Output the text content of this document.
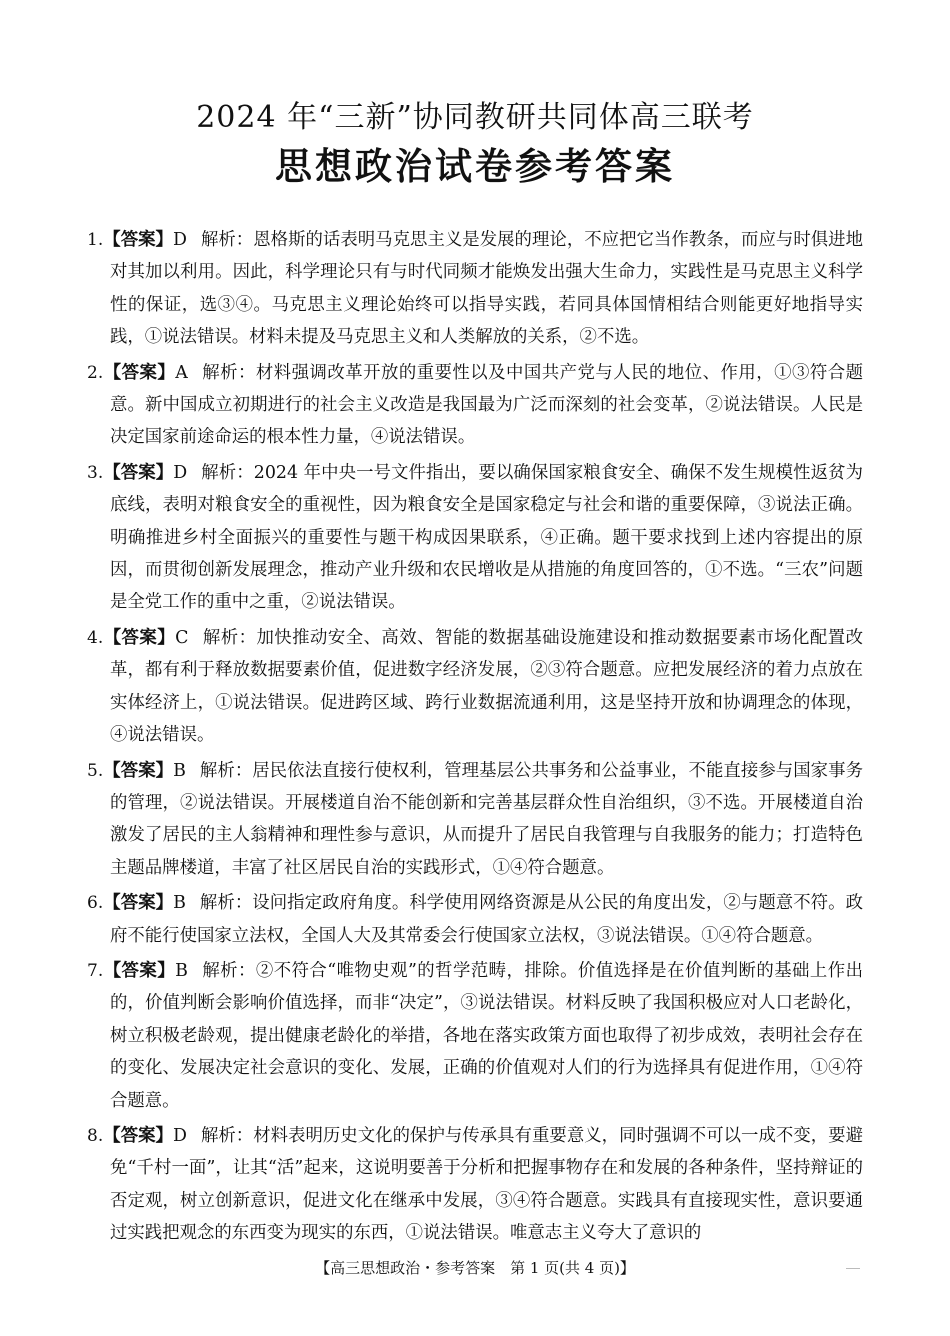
2024 年“三新”协同教研共同体高三联考
思想政治试卷参考答案
1.【答案】D 解析：恩格斯的话表明马克思主义是发展的理论，不应把它当作教条，而应与时俱进地对其加以利用。因此，科学理论只有与时代同频才能焕发出强大生命力，实践性是马克思主义科学性的保证，选③④。马克思主义理论始终可以指导实践，若同具体国情相结合则能更好地指导实践，①说法错误。材料未提及马克思主义和人类解放的关系，②不选。
2.【答案】A 解析：材料强调改革开放的重要性以及中国共产党与人民的地位、作用，①③符合题意。新中国成立初期进行的社会主义改造是我国最为广泛而深刻的社会变革，②说法错误。人民是决定国家前途命运的根本性力量，④说法错误。
3.【答案】D 解析：2024 年中央一号文件指出，要以确保国家粮食安全、确保不发生规模性返贫为底线，表明对粮食安全的重视性，因为粮食安全是国家稳定与社会和谐的重要保障，③说法正确。明确推进乡村全面振兴的重要性与题干构成因果联系，④正确。题干要求找到上述内容提出的原因，而贯彻创新发展理念，推动产业升级和农民增收是从措施的角度回答的，①不选。“三农”问题是全党工作的重中之重，②说法错误。
4.【答案】C 解析：加快推动安全、高效、智能的数据基础设施建设和推动数据要素市场化配置改革，都有利于释放数据要素价值，促进数字经济发展，②③符合题意。应把发展经济的着力点放在实体经济上，①说法错误。促进跨区域、跨行业数据流通利用，这是坚持开放和协调理念的体现，④说法错误。
5.【答案】B 解析：居民依法直接行使权利，管理基层公共事务和公益事业，不能直接参与国家事务的管理，②说法错误。开展楼道自治不能创新和完善基层群众性自治组织，③不选。开展楼道自治激发了居民的主人翁精神和理性参与意识，从而提升了居民自我管理与自我服务的能力；打造特色主题品牌楼道，丰富了社区居民自治的实践形式，①④符合题意。
6.【答案】B 解析：设问指定政府角度。科学使用网络资源是从公民的角度出发，②与题意不符。政府不能行使国家立法权，全国人大及其常委会行使国家立法权，③说法错误。①④符合题意。
7.【答案】B 解析：②不符合“唯物史观”的哲学范畴，排除。价值选择是在价值判断的基础上作出的，价值判断会影响价值选择，而非“决定”，③说法错误。材料反映了我国积极应对人口老龄化，树立积极老龄观，提出健康老龄化的举措，各地在落实政策方面也取得了初步成效，表明社会存在的变化、发展决定社会意识的变化、发展，正确的价值观对人们的行为选择具有促进作用，①④符合题意。
8.【答案】D 解析：材料表明历史文化的保护与传承具有重要意义，同时强调不可以一成不变，要避免“千村一面”，让其“活”起来，这说明要善于分析和把握事物存在和发展的各种条件，坚持辩证的否定观，树立创新意识，促进文化在继承中发展，③④符合题意。实践具有直接现实性，意识要通过实践把观念的东西变为现实的东西，①说法错误。唯意志主义夸大了意识的
【高三思想政治・参考答案　第 1 页(共 4 页)】
